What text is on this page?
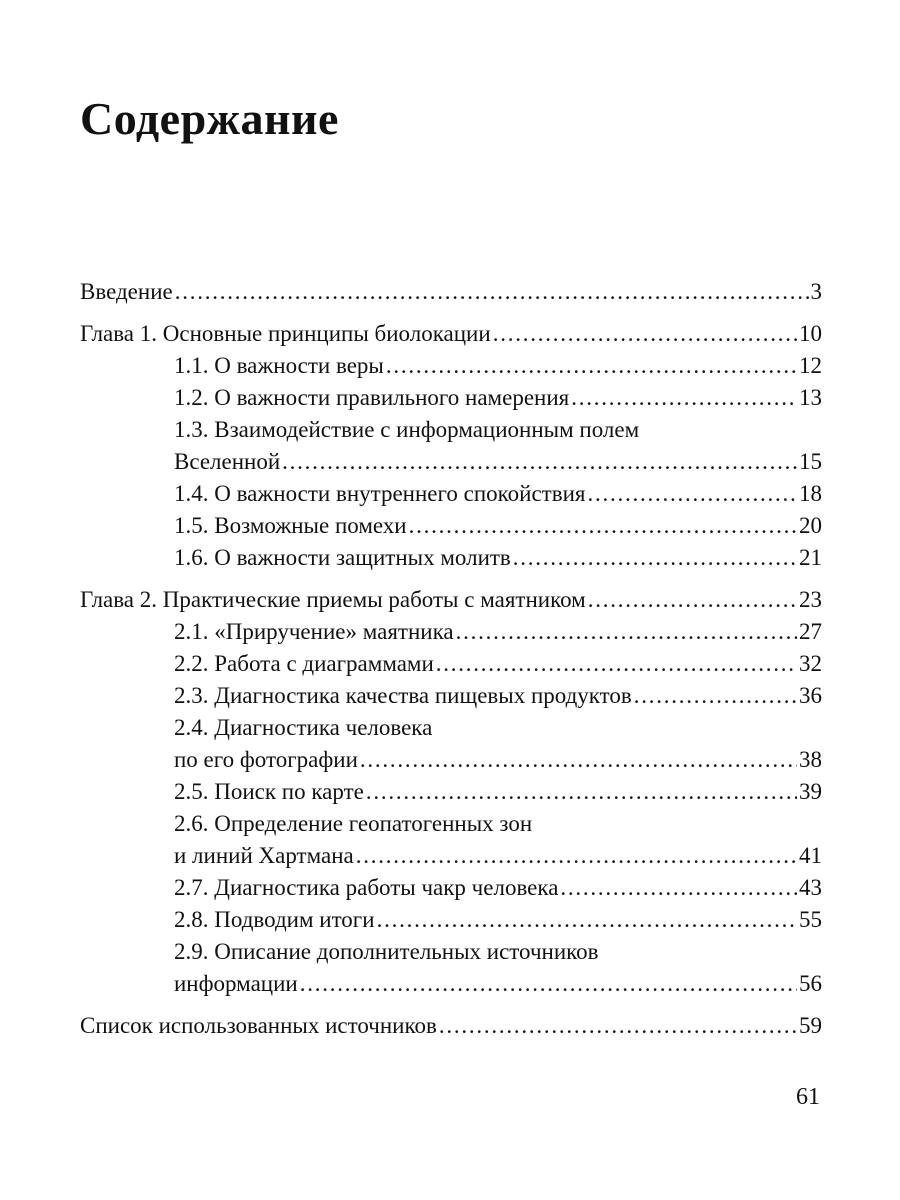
Содержание
Введение . . .	3
Глава 1. Основные принципы биолокации . . .	10
1.1. О важности веры . . .	12
1.2. О важности правильного намерения . . .	13
1.3. Взаимодействие с информационным полем
Вселенной . . .	15
1.4. О важности внутреннего спокойствия . . .	18
1.5. Возможные помехи . . .	20
1.6. О важности защитных молитв . . .	21
Глава 2. Практические приемы работы с маятником . . .	23
2.1. «Приручение» маятника . . .	27
2.2. Работа с диаграммами . . .	32
2.3. Диагностика качества пищевых продуктов . . .	36
2.4. Диагностика человека
по его фотографии . . .	38
2.5. Поиск по карте . . .	39
2.6. Определение геопатогенных зон
и линий Хартмана . . .	41
2.7. Диагностика работы чакр человека . . .	43
2.8. Подводим итоги . . .	55
2.9. Описание дополнительных источников
информации . . .	56
Список использованных источников . . .	59
61
